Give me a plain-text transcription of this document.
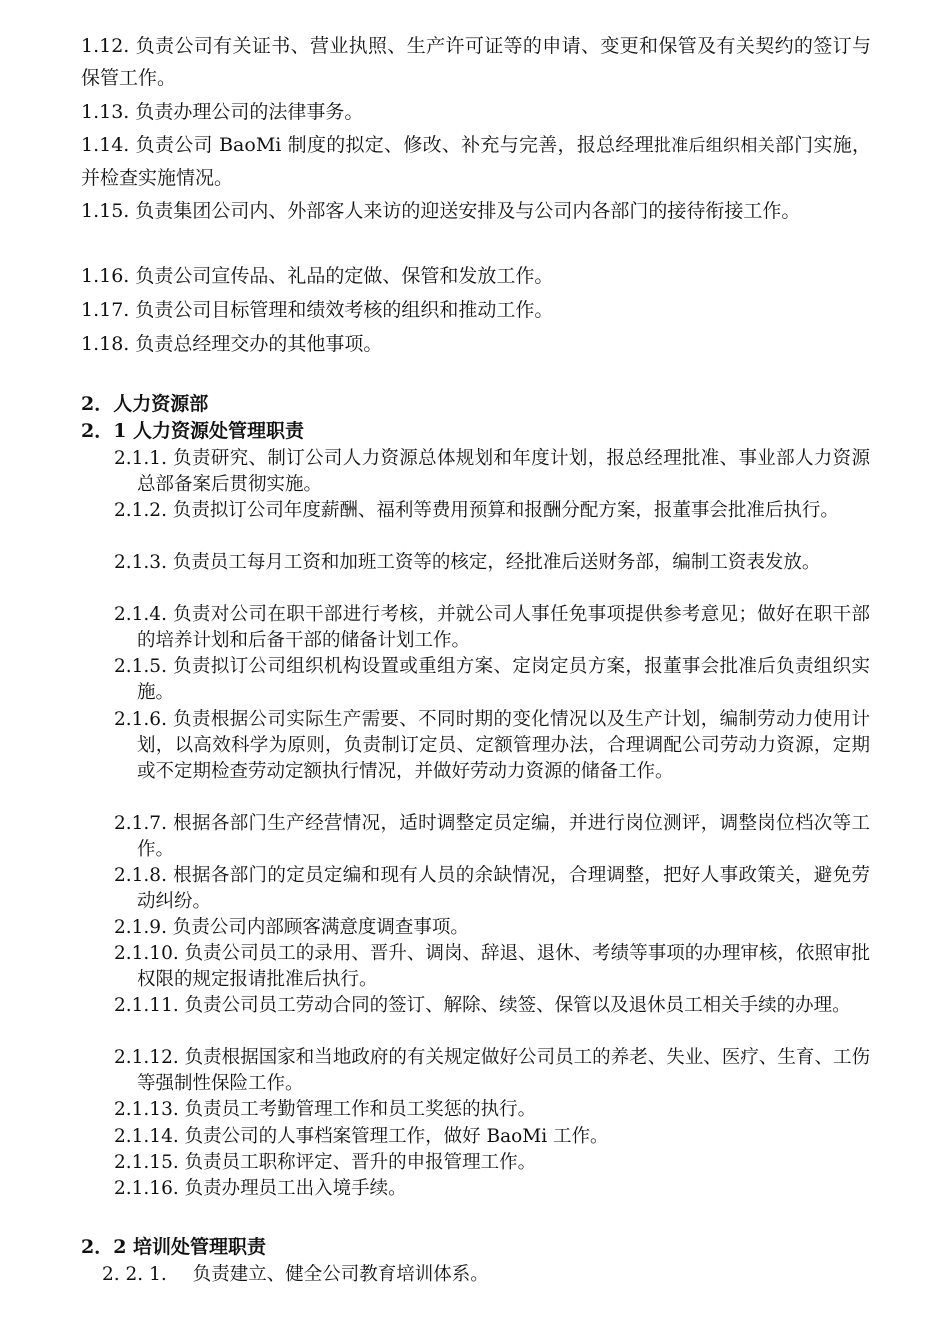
1.12. 负责公司有关证书、营业执照、生产许可证等的申请、变更和保管及有关契约的签订与保管工作。
1.13. 负责办理公司的法律事务。
1.14. 负责公司 BaoMi 制度的拟定、修改、补充与完善，报总经理批准后组织相关部门实施，并检查实施情况。
1.15. 负责集团公司内、外部客人来访的迎送安排及与公司内各部门的接待衔接工作。
1.16. 负责公司宣传品、礼品的定做、保管和发放工作。
1.17. 负责公司目标管理和绩效考核的组织和推动工作。
1.18. 负责总经理交办的其他事项。
2．人力资源部
2．1 人力资源处管理职责
2.1.1. 负责研究、制订公司人力资源总体规划和年度计划，报总经理批准、事业部人力资源总部备案后贯彻实施。
2.1.2. 负责拟订公司年度薪酬、福利等费用预算和报酬分配方案，报董事会批准后执行。
2.1.3. 负责员工每月工资和加班工资等的核定，经批准后送财务部，编制工资表发放。
2.1.4. 负责对公司在职干部进行考核，并就公司人事任免事项提供参考意见；做好在职干部的培养计划和后备干部的储备计划工作。
2.1.5. 负责拟订公司组织机构设置或重组方案、定岗定员方案，报董事会批准后负责组织实施。
2.1.6. 负责根据公司实际生产需要、不同时期的变化情况以及生产计划，编制劳动力使用计划，以高效科学为原则，负责制订定员、定额管理办法，合理调配公司劳动力资源，定期或不定期检查劳动定额执行情况，并做好劳动力资源的储备工作。
2.1.7. 根据各部门生产经营情况，适时调整定员定编，并进行岗位测评，调整岗位档次等工作。
2.1.8. 根据各部门的定员定编和现有人员的余缺情况，合理调整，把好人事政策关，避免劳动纠纷。
2.1.9. 负责公司内部顾客满意度调查事项。
2.1.10. 负责公司员工的录用、晋升、调岗、辞退、退休、考绩等事项的办理审核，依照审批权限的规定报请批准后执行。
2.1.11. 负责公司员工劳动合同的签订、解除、续签、保管以及退休员工相关手续的办理。
2.1.12. 负责根据国家和当地政府的有关规定做好公司员工的养老、失业、医疗、生育、工伤等强制性保险工作。
2.1.13. 负责员工考勤管理工作和员工奖惩的执行。
2.1.14. 负责公司的人事档案管理工作，做好 BaoMi 工作。
2.1.15. 负责员工职称评定、晋升的申报管理工作。
2.1.16. 负责办理员工出入境手续。
2．2 培训处管理职责
2. 2. 1. 负责建立、健全公司教育培训体系。
